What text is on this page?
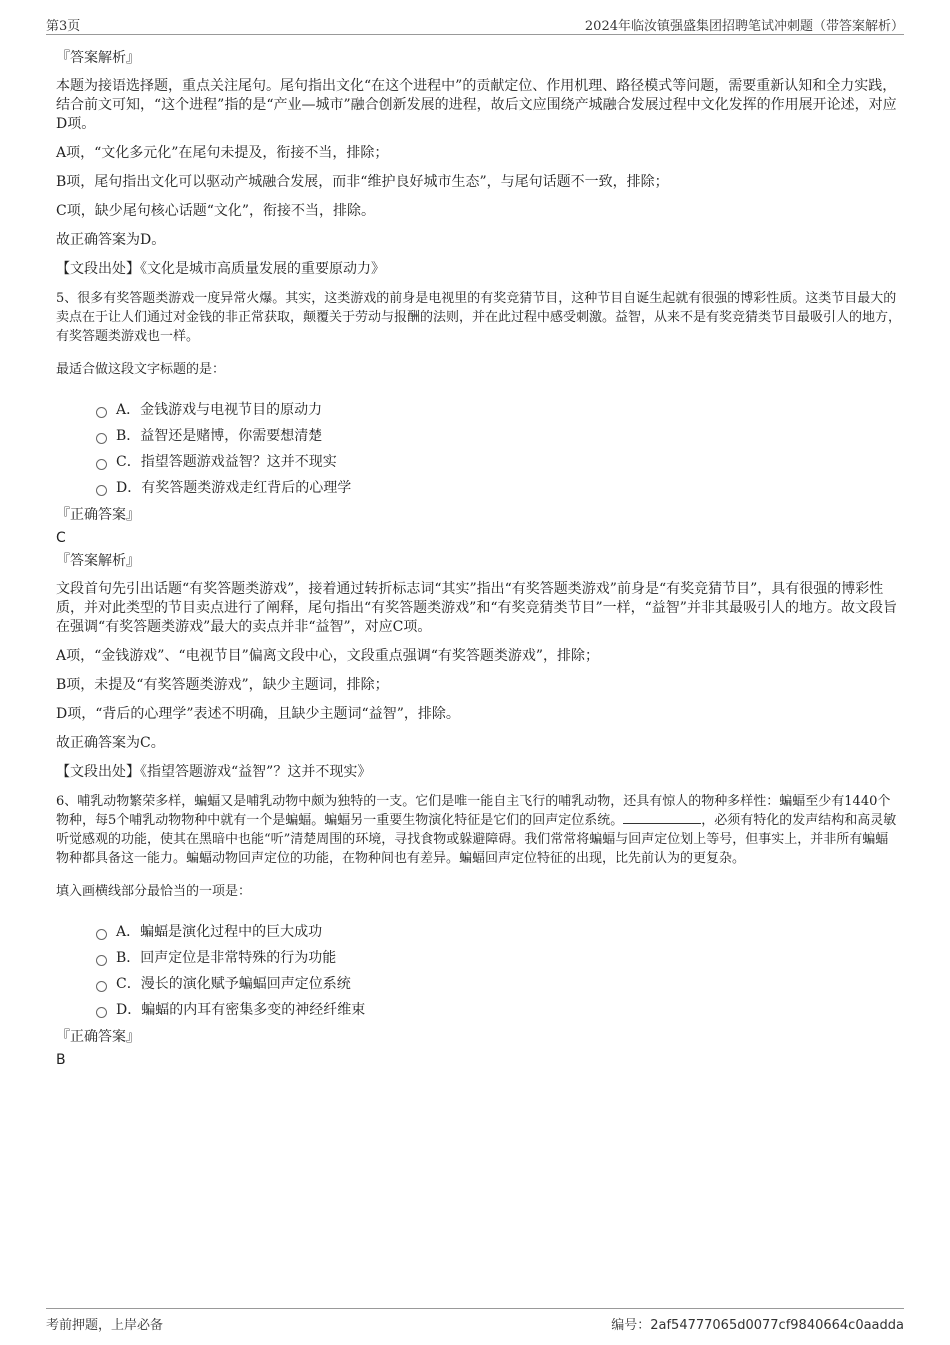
第3页	2024年临汝镇强盛集团招聘笔试冲刺题（带答案解析）
『答案解析』

本题为接语选择题，重点关注尾句。尾句指出文化“在这个进程中”的贡献定位、作用机理、路径模式等问题，需要重新认知和全力实践，结合前文可知，“这个进程”指的是“产业—城市”融合创新发展的进程，故后文应围绕产城融合发展过程中文化发挥的作用展开论述，对应D项。

A项，“文化多元化”在尾句未提及，衔接不当，排除；

B项，尾句指出文化可以驱动产城融合发展，而非“维护良好城市生态”，与尾句话题不一致，排除；

C项，缺少尾句核心话题“文化”，衔接不当，排除。

故正确答案为D。

【文段出处】《文化是城市高质量发展的重要原动力》

5、很多有奖答题类游戏一度异常火爆。其实，这类游戏的前身是电视里的有奖竞猜节目，这种节目自诞生起就有很强的博彩性质。这类节目最大的卖点在于让人们通过对金钱的非正常获取，颠覆关于劳动与报酬的法则，并在此过程中感受刺激。益智，从来不是有奖竞猜类节目最吸引人的地方，有奖答题类游戏也一样。

最适合做这段文字标题的是：

A．金钱游戏与电视节目的原动力
B．益智还是赌博，你需要想清楚
C．指望答题游戏益智？这并不现实
D．有奖答题类游戏走红背后的心理学
『正确答案』
C
『答案解析』

文段首句先引出话题“有奖答题类游戏”，接着通过转折标志词“其实”指出“有奖答题类游戏”前身是“有奖竞猜节目”，具有很强的博彩性质，并对此类型的节目卖点进行了阐释，尾句指出“有奖答题类游戏”和“有奖竞猜类节目”一样，“益智”并非其最吸引人的地方。故文段旨在强调“有奖答题类游戏”最大的卖点并非“益智”，对应C项。

A项，“金钱游戏”、“电视节目”偏离文段中心，文段重点强调“有奖答题类游戏”，排除；

B项，未提及“有奖答题类游戏”，缺少主题词，排除；

D项，“背后的心理学”表述不明确，且缺少主题词“益智”，排除。

故正确答案为C。

【文段出处】《指望答题游戏“益智”？这并不现实》

6、哺乳动物繁荣多样，蝙蝠又是哺乳动物中颇为独特的一支。它们是唯一能自主飞行的哺乳动物，还具有惊人的物种多样性：蝙蝠至少有1440个物种，每5个哺乳动物物种中就有一个是蝙蝠。蝙蝠另一重要生物演化特征是它们的回声定位系统。	，必须有特化的发声结构和高灵敏听觉感观的功能，使其在黑暗中也能“听”清楚周围的环境，寻找食物或躲避障碍。我们常常将蝙蝠与回声定位划上等号，但事实上，并非所有蝙蝠物种都具备这一能力。蝙蝠动物回声定位的功能，在物种间也有差异。蝙蝠回声定位特征的出现，比先前认为的更复杂。

填入画横线部分最恰当的一项是：

A．蝙蝠是演化过程中的巨大成功
B．回声定位是非常特殊的行为功能
C．漫长的演化赋予蝙蝠回声定位系统
D．蝙蝠的内耳有密集多变的神经纤维束
『正确答案』
B
考前押题，上岸必备	编号：2af54777065d0077cf9840664c0aadda
